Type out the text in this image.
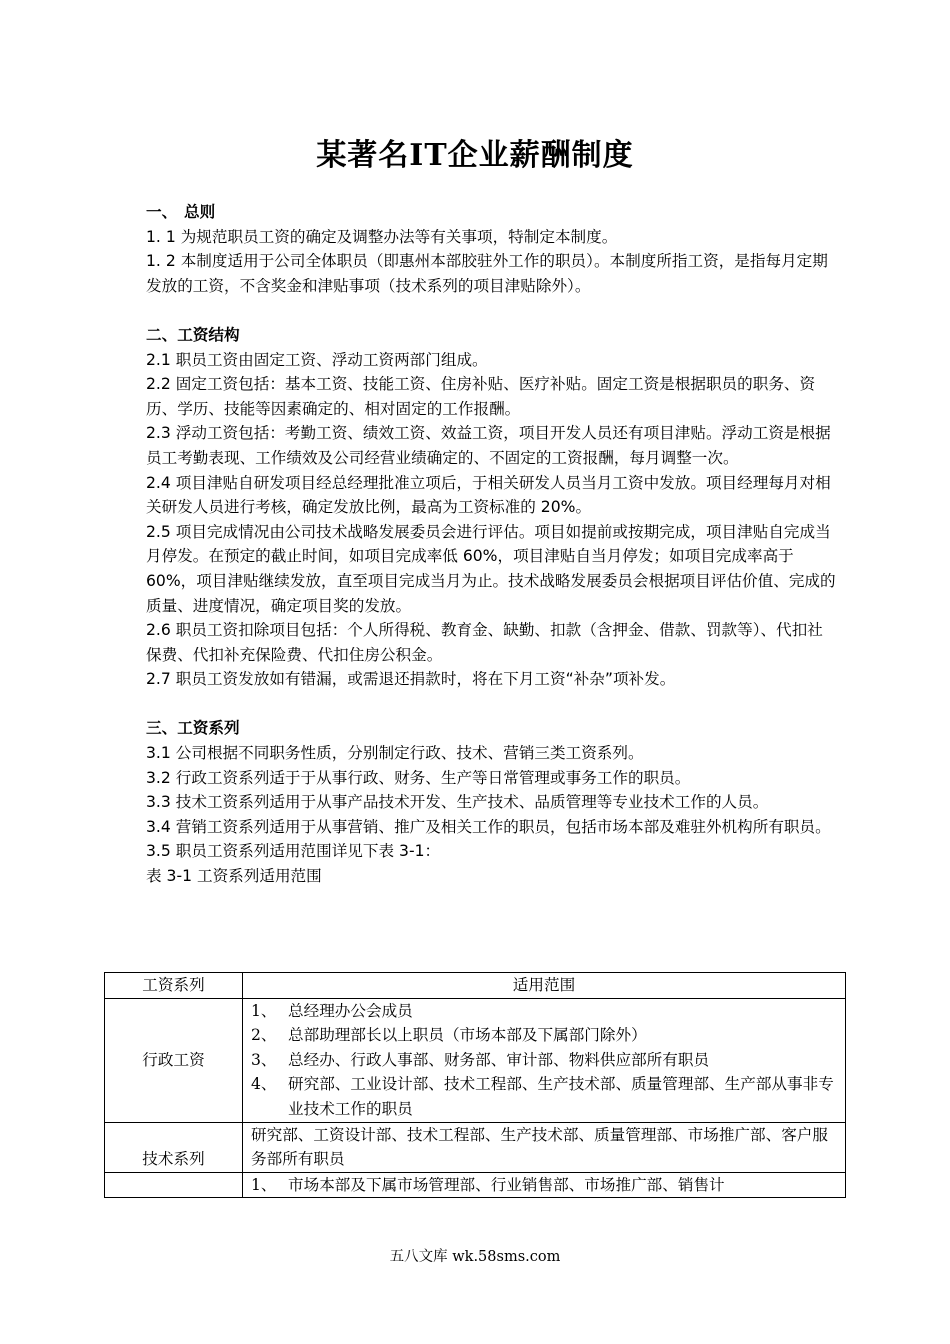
某著名IT企业薪酬制度
一、 总则

1. 1 为规范职员工资的确定及调整办法等有关事项，特制定本制度。

1. 2 本制度适用于公司全体职员（即惠州本部胶驻外工作的职员）。本制度所指工资，是指每月定期发放的工资，不含奖金和津贴事项（技术系列的项目津贴除外）。

二、工资结构

2.1 职员工资由固定工资、浮动工资两部门组成。

2.2 固定工资包括：基本工资、技能工资、住房补贴、医疗补贴。固定工资是根据职员的职务、资历、学历、技能等因素确定的、相对固定的工作报酬。

2.3 浮动工资包括：考勤工资、绩效工资、效益工资，项目开发人员还有项目津贴。浮动工资是根据员工考勤表现、工作绩效及公司经营业绩确定的、不固定的工资报酬，每月调整一次。

2.4 项目津贴自研发项目经总经理批准立项后，于相关研发人员当月工资中发放。项目经理每月对相关研发人员进行考核，确定发放比例，最高为工资标准的 20%。

2.5 项目完成情况由公司技术战略发展委员会进行评估。项目如提前或按期完成，项目津贴自完成当月停发。在预定的截止时间，如项目完成率低 60%，项目津贴自当月停发；如项目完成率高于 60%，项目津贴继续发放，直至项目完成当月为止。技术战略发展委员会根据项目评估价值、完成的质量、进度情况，确定项目奖的发放。

2.6 职员工资扣除项目包括：个人所得税、教育金、缺勤、扣款（含押金、借款、罚款等）、代扣社保费、代扣补充保险费、代扣住房公积金。

2.7 职员工资发放如有错漏，或需退还捐款时，将在下月工资“补杂”项补发。

三、工资系列

3.1 公司根据不同职务性质，分别制定行政、技术、营销三类工资系列。

3.2 行政工资系列适于于从事行政、财务、生产等日常管理或事务工作的职员。

3.3 技术工资系列适用于从事产品技术开发、生产技术、品质管理等专业技术工作的人员。

3.4 营销工资系列适用于从事营销、推广及相关工作的职员，包括市场本部及难驻外机构所有职员。

3.5 职员工资系列适用范围详见下表 3-1：

表 3-1 工资系列适用范围

工资系列	适用范围
行政工资	1、 总经理办公会成员
2、 总部助理部长以上职员（市场本部及下属部门除外）
3、 总经办、行政人事部、财务部、审计部、物料供应部所有职员
4、 研究部、工业设计部、技术工程部、生产技术部、质量管理部、生产部从事非专业技术工作的职员

技术系列	研究部、工资设计部、技术工程部、生产技术部、质量管理部、市场推广部、客户服务部所有职员

	1、 市场本部及下属市场管理部、行业销售部、市场推广部、销售计
五八文库 wk.58sms.com
